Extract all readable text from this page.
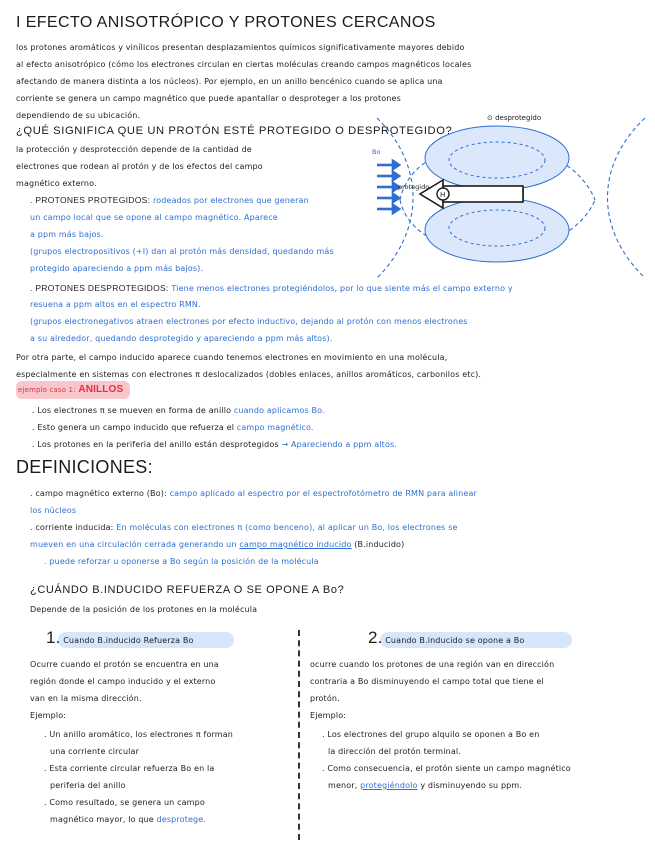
I EFECTO ANISOTRÓPICO Y PROTONES CERCANOS
los protones aromáticos y vinílicos presentan desplazamientos químicos significativamente mayores debido
al efecto anisotrópico (cómo los electrones circulan en ciertas moléculas creando campos magnéticos locales
afectando de manera distinta a los núcleos). Por ejemplo, en un anillo bencénico cuando se aplica una
corriente se genera un campo magnético que puede apantallar o desproteger a los protones
dependiendo de su ubicación.
¿QUÉ SIGNIFICA QUE UN PROTÓN ESTÉ PROTEGIDO O DESPROTEGIDO?
la protección y desprotección depende de la cantidad de
electrones que rodean al protón y de los efectos del campo
magnético externo.
H
protegido
⊙ desprotegido
Bo
. PROTONES PROTEGIDOS: rodeados por electrones que generan
un campo local que se opone al campo magnético. Aparece
a ppm más bajos.
(grupos electropositivos (+I) dan al protón más densidad, quedando más
protegido apareciendo a ppm más bajos).
. PROTONES DESPROTEGIDOS: Tiene menos electrones protegiéndolos, por lo que siente más el campo externo y
resuena a ppm altos en el espectro RMN.
(grupos electronegativos atraen electrones por efecto inductivo, dejando al protón con menos electrones
a su alrededor, quedando desprotegido y apareciendo a ppm más altos).
Por otra parte, el campo inducido aparece cuando tenemos electrones en movimiento en una molécula,
especialmente en sistemas con electrones π deslocalizados (dobles enlaces, anillos aromáticos, carbonilos etc).
ejemplo caso 1: ANILLOS
. Los electrones π se mueven en forma de anillo cuando aplicamos Bo.
. Esto genera un campo inducido que refuerza el campo magnético.
. Los protones en la periferia del anillo están desprotegidos → Apareciendo a ppm altos.
DEFINICIONES:
. campo magnético externo (Bo): campo aplicado al espectro por el espectrofotómetro de RMN para alinear
los núcleos
. corriente inducida: En moléculas con electrones π (como benceno), al aplicar un Bo, los electrones se
mueven en una circulación cerrada generando un campo magnético inducido (B.inducido)
. puede reforzar u oponerse a Bo según la posición de la molécula
¿CUÁNDO B.INDUCIDO REFUERZA O SE OPONE A Bo?
Depende de la posición de los protones en la molécula
1. Cuando B.inducido Refuerza Bo
Ocurre cuando el protón se encuentra en una
región donde el campo inducido y el externo
van en la misma dirección.
Ejemplo:
. Un anillo aromático, los electrones π forman
una corriente circular
. Esta corriente circular refuerza Bo en la
periferia del anillo
. Como resultado, se genera un campo
magnético mayor, lo que desprotege.
2. Cuando B.inducido se opone a Bo
ocurre cuando los protones de una región van en dirección
contraria a Bo disminuyendo el campo total que tiene el
protón.
Ejemplo:
. Los electrones del grupo alquilo se oponen a Bo en
la dirección del protón terminal.
. Como consecuencia, el protón siente un campo magnético
menor, protegiéndolo y disminuyendo su ppm.
